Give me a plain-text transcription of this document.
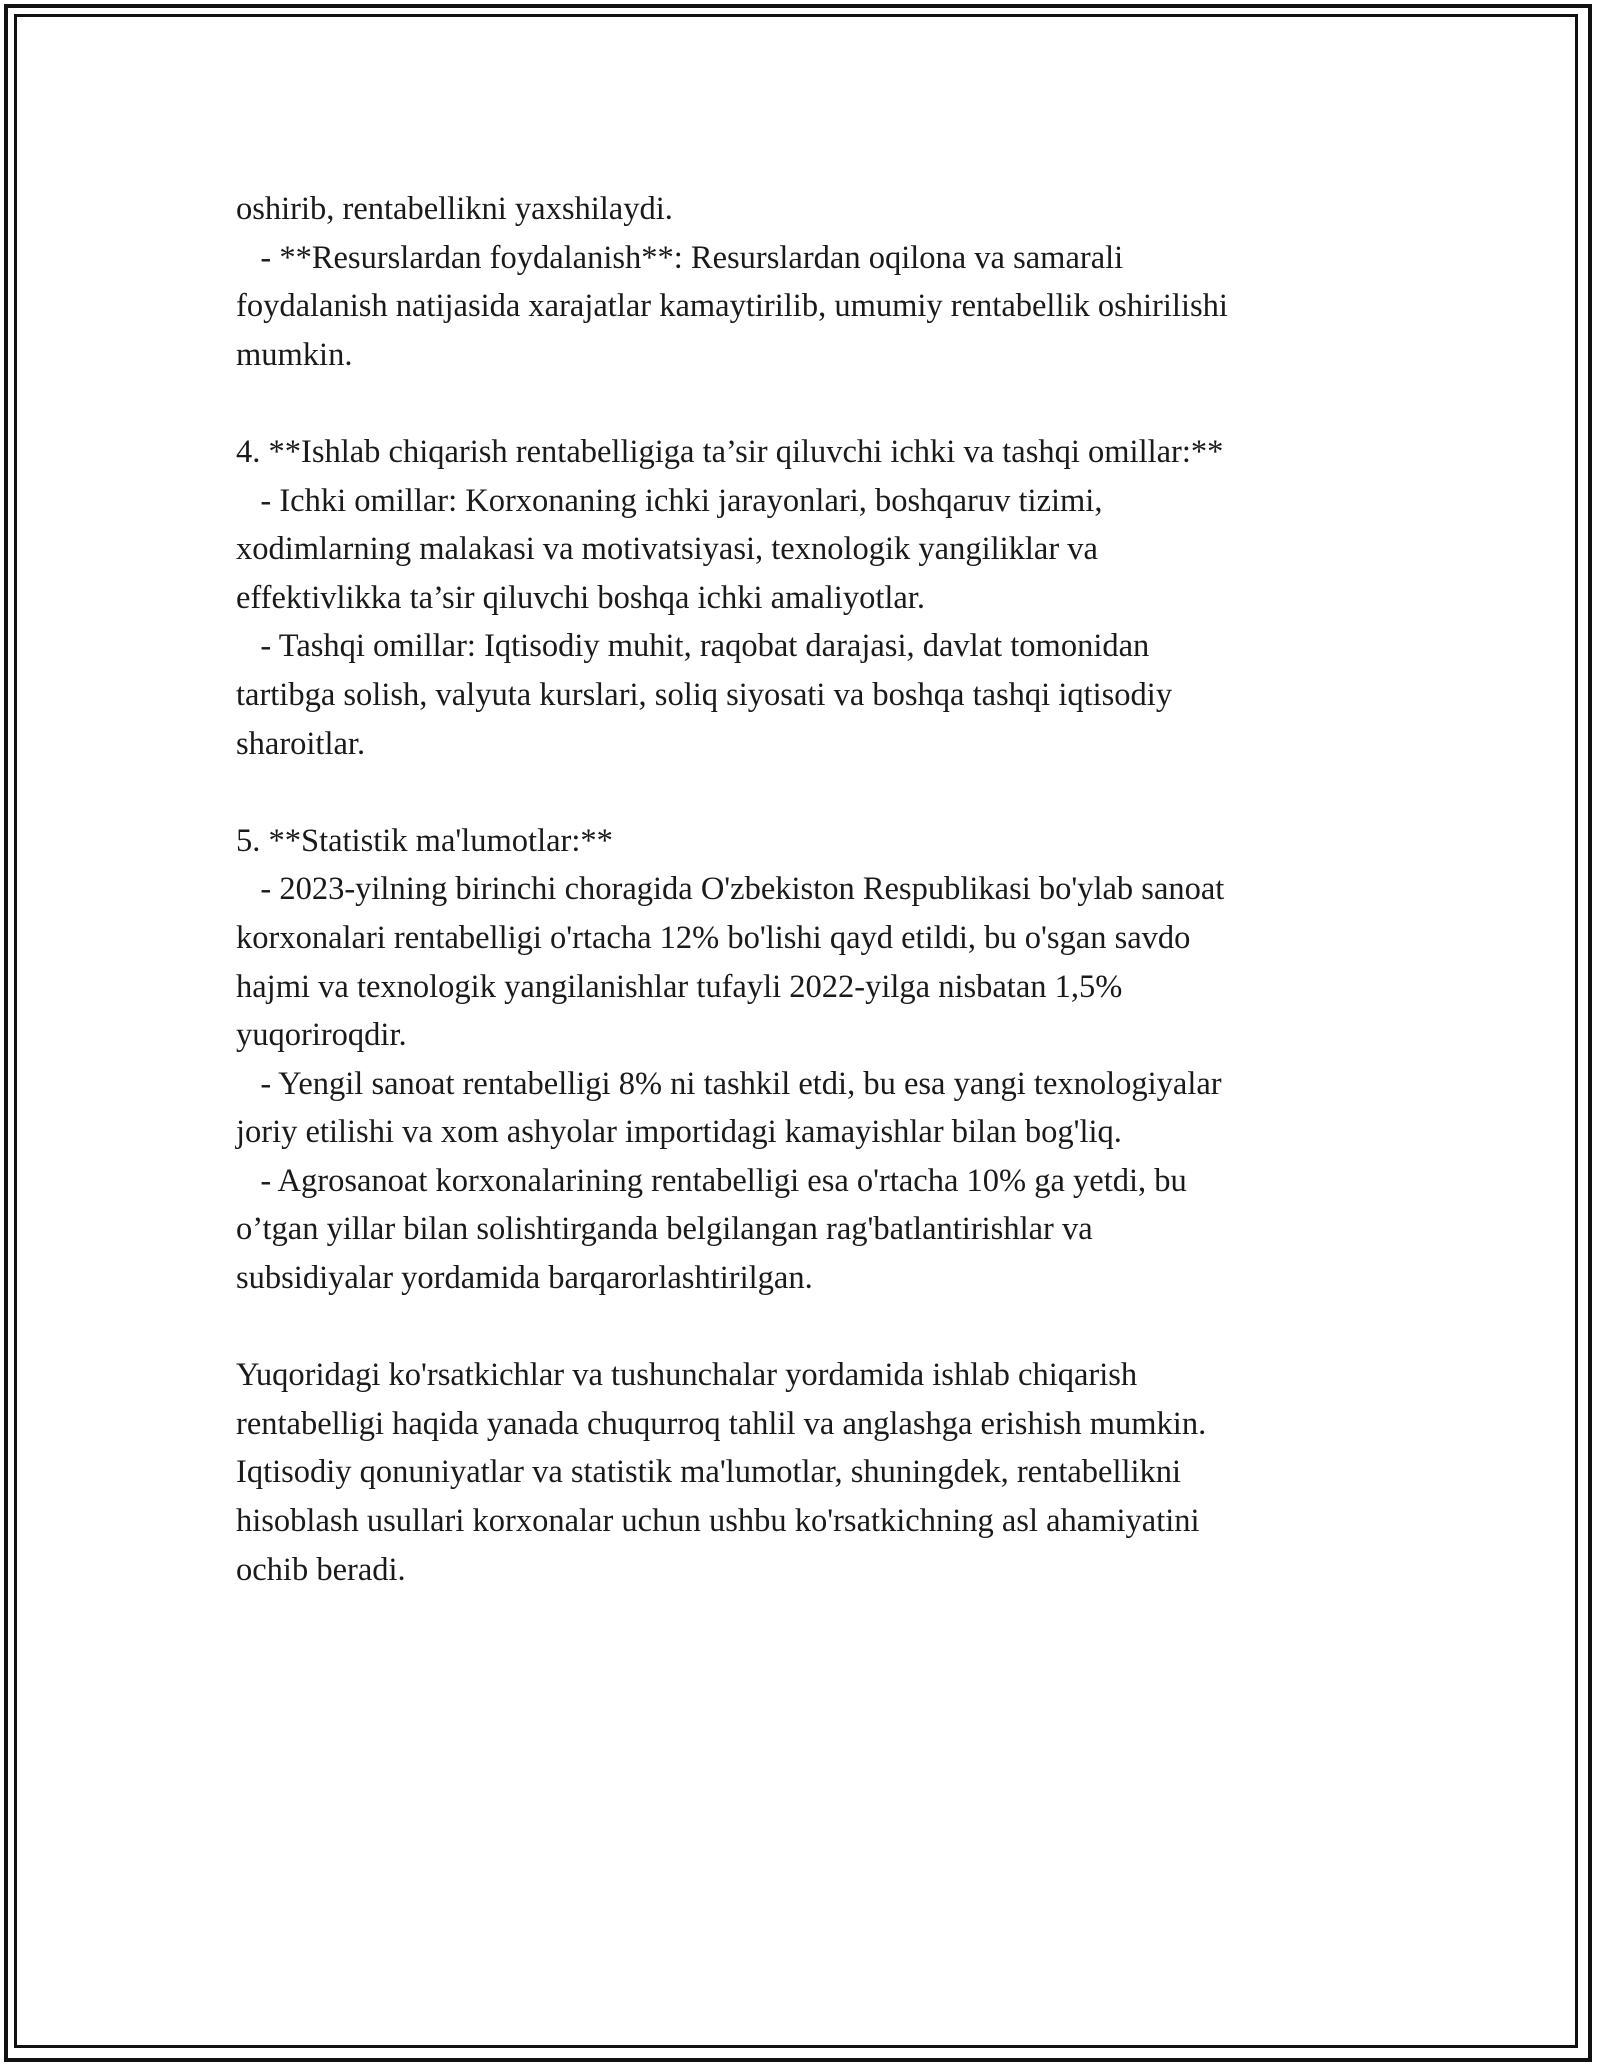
oshirib, rentabellikni yaxshilaydi.
- **Resurslardan foydalanish**: Resurslardan oqilona va samarali
foydalanish natijasida xarajatlar kamaytirilib, umumiy rentabellik oshirilishi
mumkin.
4. **Ishlab chiqarish rentabelligiga ta’sir qiluvchi ichki va tashqi omillar:**
- Ichki omillar: Korxonaning ichki jarayonlari, boshqaruv tizimi,
xodimlarning malakasi va motivatsiyasi, texnologik yangiliklar va
effektivlikka ta’sir qiluvchi boshqa ichki amaliyotlar.
- Tashqi omillar: Iqtisodiy muhit, raqobat darajasi, davlat tomonidan
tartibga solish, valyuta kurslari, soliq siyosati va boshqa tashqi iqtisodiy
sharoitlar.
5. **Statistik ma'lumotlar:**
- 2023-yilning birinchi choragida O'zbekiston Respublikasi bo'ylab sanoat
korxonalari rentabelligi o'rtacha 12% bo'lishi qayd etildi, bu o'sgan savdo
hajmi va texnologik yangilanishlar tufayli 2022-yilga nisbatan 1,5%
yuqoriroqdir.
- Yengil sanoat rentabelligi 8% ni tashkil etdi, bu esa yangi texnologiyalar
joriy etilishi va xom ashyolar importidagi kamayishlar bilan bog'liq.
- Agrosanoat korxonalarining rentabelligi esa o'rtacha 10% ga yetdi, bu
o’tgan yillar bilan solishtirganda belgilangan rag'batlantirishlar va
subsidiyalar yordamida barqarorlashtirilgan.
Yuqoridagi ko'rsatkichlar va tushunchalar yordamida ishlab chiqarish
rentabelligi haqida yanada chuqurroq tahlil va anglashga erishish mumkin.
Iqtisodiy qonuniyatlar va statistik ma'lumotlar, shuningdek, rentabellikni
hisoblash usullari korxonalar uchun ushbu ko'rsatkichning asl ahamiyatini
ochib beradi.
